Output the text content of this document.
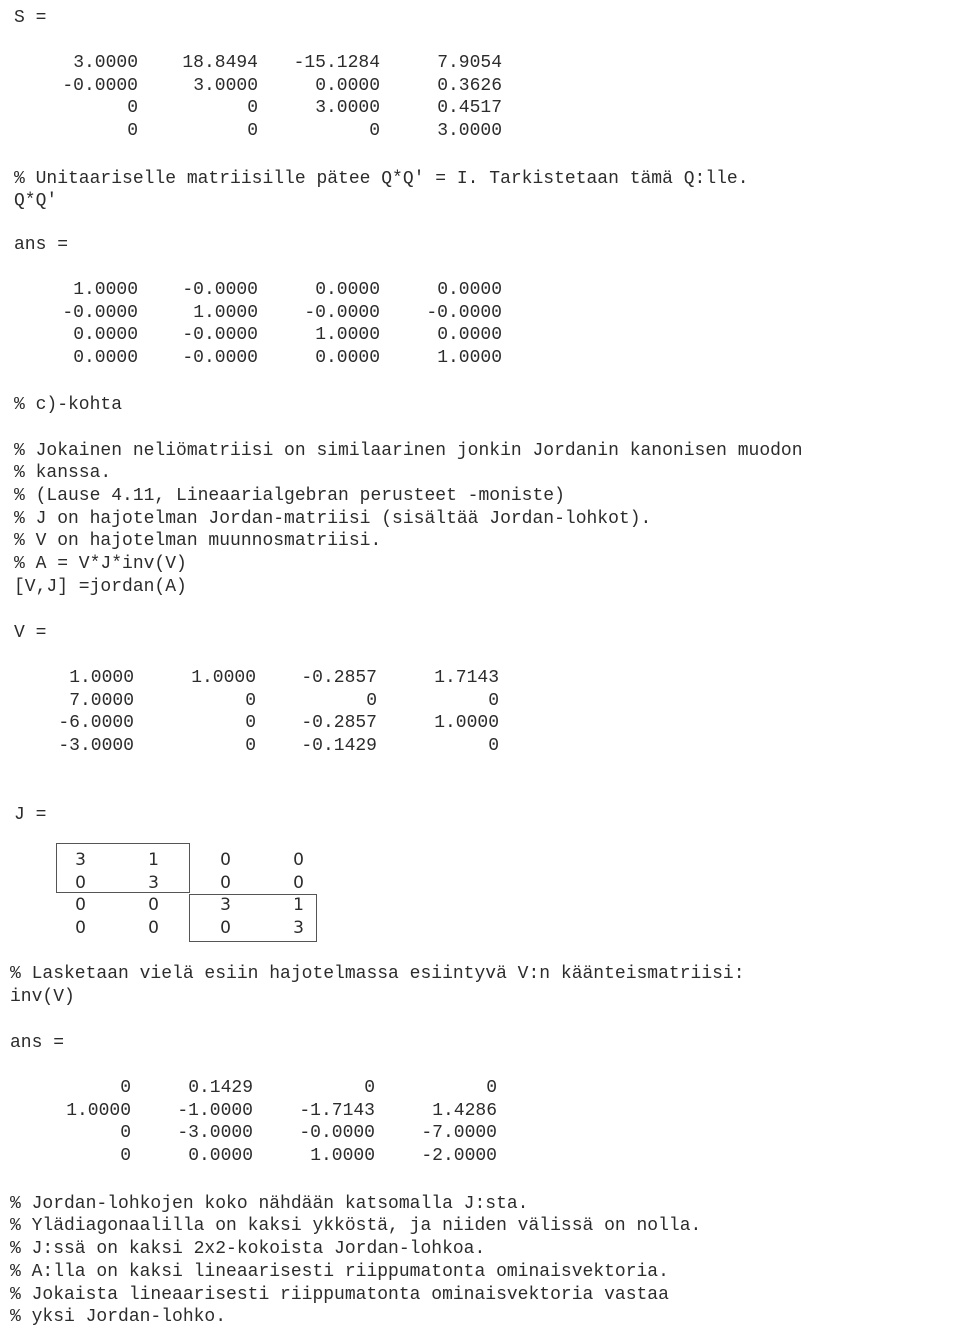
S =
3.0000	18.8494	-15.1284	7.9054
-0.0000	3.0000	0.0000	0.3626
0	0	3.0000	0.4517
0	0	0	3.0000
% Unitaariselle matriisille pätee Q*Q' = I. Tarkistetaan tämä Q:lle.
Q*Q'
ans =
1.0000	-0.0000	0.0000	0.0000
-0.0000	1.0000	-0.0000	-0.0000
0.0000	-0.0000	1.0000	0.0000
0.0000	-0.0000	0.0000	1.0000
% c)-kohta
% Jokainen neliömatriisi on similaarinen jonkin Jordanin kanonisen muodon
% kanssa.
% (Lause 4.11, Lineaarialgebran perusteet -moniste)
% J on hajotelman Jordan-matriisi (sisältää Jordan-lohkot).
% V on hajotelman muunnosmatriisi.
% A = V*J*inv(V)
[V,J] =jordan(A)
V =
1.0000	1.0000	-0.2857	1.7143
7.0000	0	0	0
-6.0000	0	-0.2857	1.0000
-3.0000	0	-0.1429	0
J =
3	1	0	0
0	3	0	0
0	0	3	1
0	0	0	3
% Lasketaan vielä esiin hajotelmassa esiintyvä V:n käänteismatriisi:
inv(V)
ans =
0	0.1429	0	0
1.0000	-1.0000	-1.7143	1.4286
0	-3.0000	-0.0000	-7.0000
0	0.0000	1.0000	-2.0000
% Jordan-lohkojen koko nähdään katsomalla J:sta.
% Ylädiagonaalilla on kaksi ykköstä, ja niiden välissä on nolla.
% J:ssä on kaksi 2x2-kokoista Jordan-lohkoa.
% A:lla on kaksi lineaarisesti riippumatonta ominaisvektoria.
% Jokaista lineaarisesti riippumatonta ominaisvektoria vastaa
% yksi Jordan-lohko.
